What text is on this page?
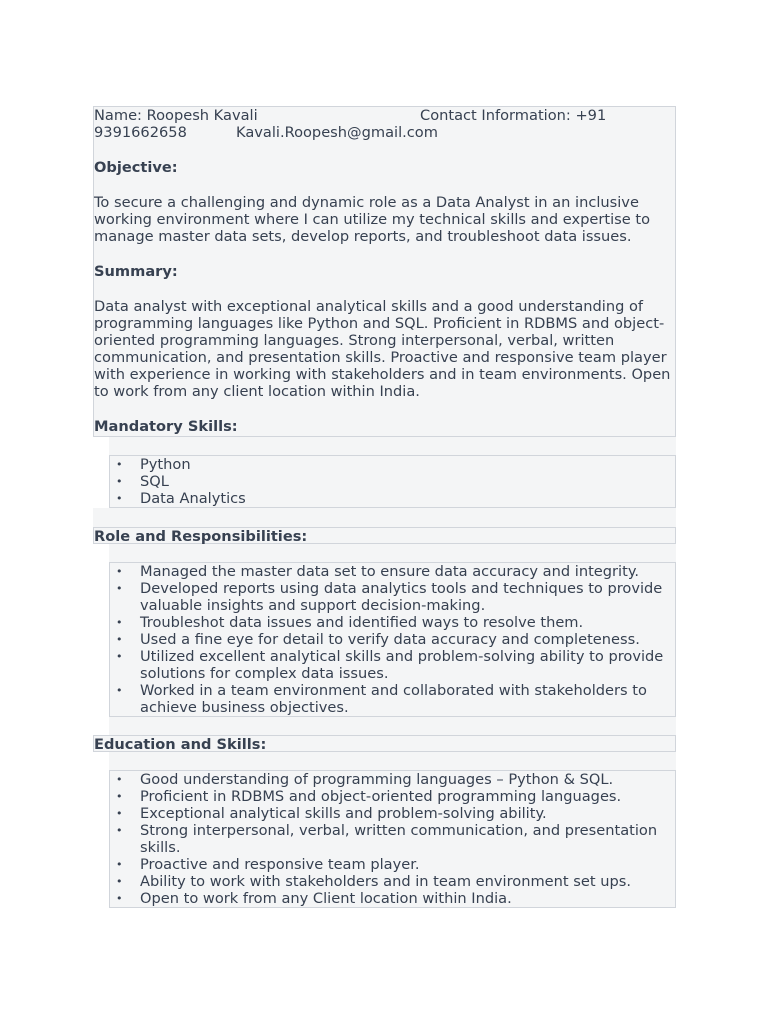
Name: Roopesh Kavali	Contact Information: +91
9391662658	Kavali.Roopesh@gmail.com

Objective:

To secure a challenging and dynamic role as a Data Analyst in an inclusive working environment where I can utilize my technical skills and expertise to manage master data sets, develop reports, and troubleshoot data issues.

Summary:

Data analyst with exceptional analytical skills and a good understanding of programming languages like Python and SQL. Proficient in RDBMS and object-oriented programming languages. Strong interpersonal, verbal, written communication, and presentation skills. Proactive and responsive team player with experience in working with stakeholders and in team environments. Open to work from any client location within India.

Mandatory Skills:

• Python
• SQL
• Data Analytics

Role and Responsibilities:

• Managed the master data set to ensure data accuracy and integrity.
• Developed reports using data analytics tools and techniques to provide valuable insights and support decision-making.
• Troubleshot data issues and identified ways to resolve them.
• Used a fine eye for detail to verify data accuracy and completeness.
• Utilized excellent analytical skills and problem-solving ability to provide solutions for complex data issues.
• Worked in a team environment and collaborated with stakeholders to achieve business objectives.

Education and Skills:

• Good understanding of programming languages – Python & SQL.
• Proficient in RDBMS and object-oriented programming languages.
• Exceptional analytical skills and problem-solving ability.
• Strong interpersonal, verbal, written communication, and presentation skills.
• Proactive and responsive team player.
• Ability to work with stakeholders and in team environment set ups.
• Open to work from any Client location within India.
